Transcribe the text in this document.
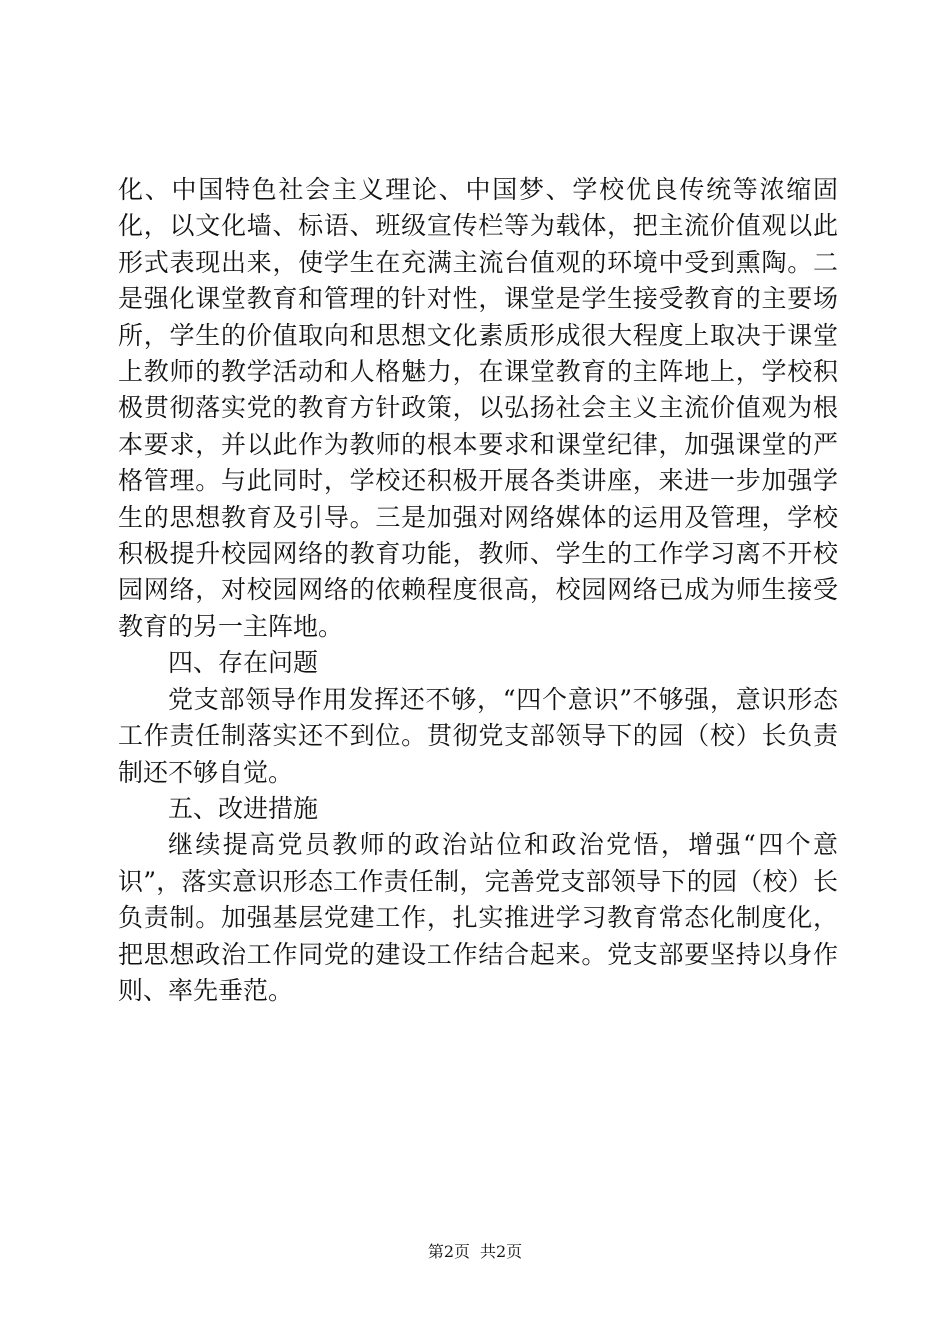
化、中国特色社会主义理论、中国梦、学校优良传统等浓缩固化，以文化墙、标语、班级宣传栏等为载体，把主流价值观以此形式表现出来，使学生在充满主流台值观的环境中受到熏陶。二是强化课堂教育和管理的针对性，课堂是学生接受教育的主要场所，学生的价值取向和思想文化素质形成很大程度上取决于课堂上教师的教学活动和人格魅力，在课堂教育的主阵地上，学校积极贯彻落实党的教育方针政策，以弘扬社会主义主流价值观为根本要求，并以此作为教师的根本要求和课堂纪律，加强课堂的严格管理。与此同时，学校还积极开展各类讲座，来进一步加强学生的思想教育及引导。三是加强对网络媒体的运用及管理，学校积极提升校园网络的教育功能，教师、学生的工作学习离不开校园网络，对校园网络的依赖程度很高，校园网络已成为师生接受教育的另一主阵地。

四、存在问题

党支部领导作用发挥还不够，“四个意识”不够强，意识形态工作责任制落实还不到位。贯彻党支部领导下的园（校）长负责制还不够自觉。

五、改进措施

继续提高党员教师的政治站位和政治党悟，增强“四个意识”，落实意识形态工作责任制，完善党支部领导下的园（校）长负责制。加强基层党建工作，扎实推进学习教育常态化制度化，把思想政治工作同党的建设工作结合起来。党支部要坚持以身作则、率先垂范。

第2页 共2页
